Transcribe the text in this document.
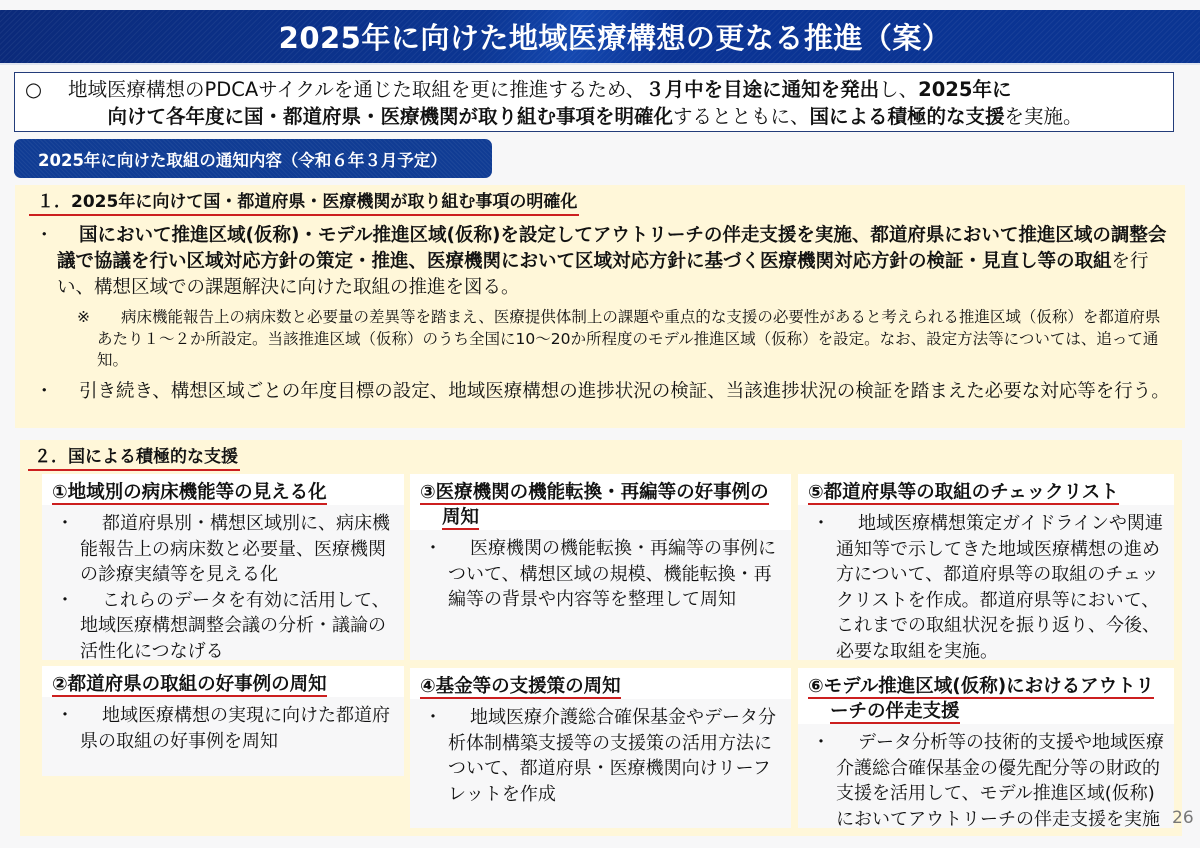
2025年に向けた地域医療構想の更なる推進（案）
○ 地域医療構想のPDCAサイクルを通じた取組を更に推進するため、３月中を目途に通知を発出し、2025年に
向けて各年度に国・都道府県・医療機関が取り組む事項を明確化するとともに、国による積極的な支援を実施。
2025年に向けた取組の通知内容（令和６年３月予定）
１．2025年に向けて国・都道府県・医療機関が取り組む事項の明確化
・ 国において推進区域(仮称)・モデル推進区域(仮称)を設定してアウトリーチの伴走支援を実施、都道府県において推進区域の調整会議で協議を行い区域対応方針の策定・推進、医療機関において区域対応方針に基づく医療機関対応方針の検証・見直し等の取組を行い、構想区域での課題解決に向けた取組の推進を図る。
※ 病床機能報告上の病床数と必要量の差異等を踏まえ、医療提供体制上の課題や重点的な支援の必要性があると考えられる推進区域（仮称）を都道府県あたり１～２か所設定。当該推進区域（仮称）のうち全国に10～20か所程度のモデル推進区域（仮称）を設定。なお、設定方法等については、追って通知。
・ 引き続き、構想区域ごとの年度目標の設定、地域医療構想の進捗状況の検証、当該進捗状況の検証を踏まえた必要な対応等を行う。
２．国による積極的な支援
①地域別の病床機能等の見える化

・ 都道府県別・構想区域別に、病床機能報告上の病床数と必要量、医療機関の診療実績等を見える化

・ これらのデータを有効に活用して、地域医療構想調整会議の分析・議論の活性化につなげる

②都道府県の取組の好事例の周知

・ 地域医療構想の実現に向けた都道府県の取組の好事例を周知

③医療機関の機能転換・再編等の好事例の周知

・ 医療機関の機能転換・再編等の事例について、構想区域の規模、機能転換・再編等の背景や内容等を整理して周知

④基金等の支援策の周知

・ 地域医療介護総合確保基金やデータ分析体制構築支援等の支援策の活用方法について、都道府県・医療機関向けリーフレットを作成

⑤都道府県等の取組のチェックリスト

・ 地域医療構想策定ガイドラインや関連通知等で示してきた地域医療構想の進め方について、都道府県等の取組のチェックリストを作成。都道府県等において、これまでの取組状況を振り返り、今後、必要な取組を実施。

⑥モデル推進区域(仮称)におけるアウトリーチの伴走支援

・ データ分析等の技術的支援や地域医療介護総合確保基金の優先配分等の財政的支援を活用して、モデル推進区域(仮称)においてアウトリーチの伴走支援を実施 26
